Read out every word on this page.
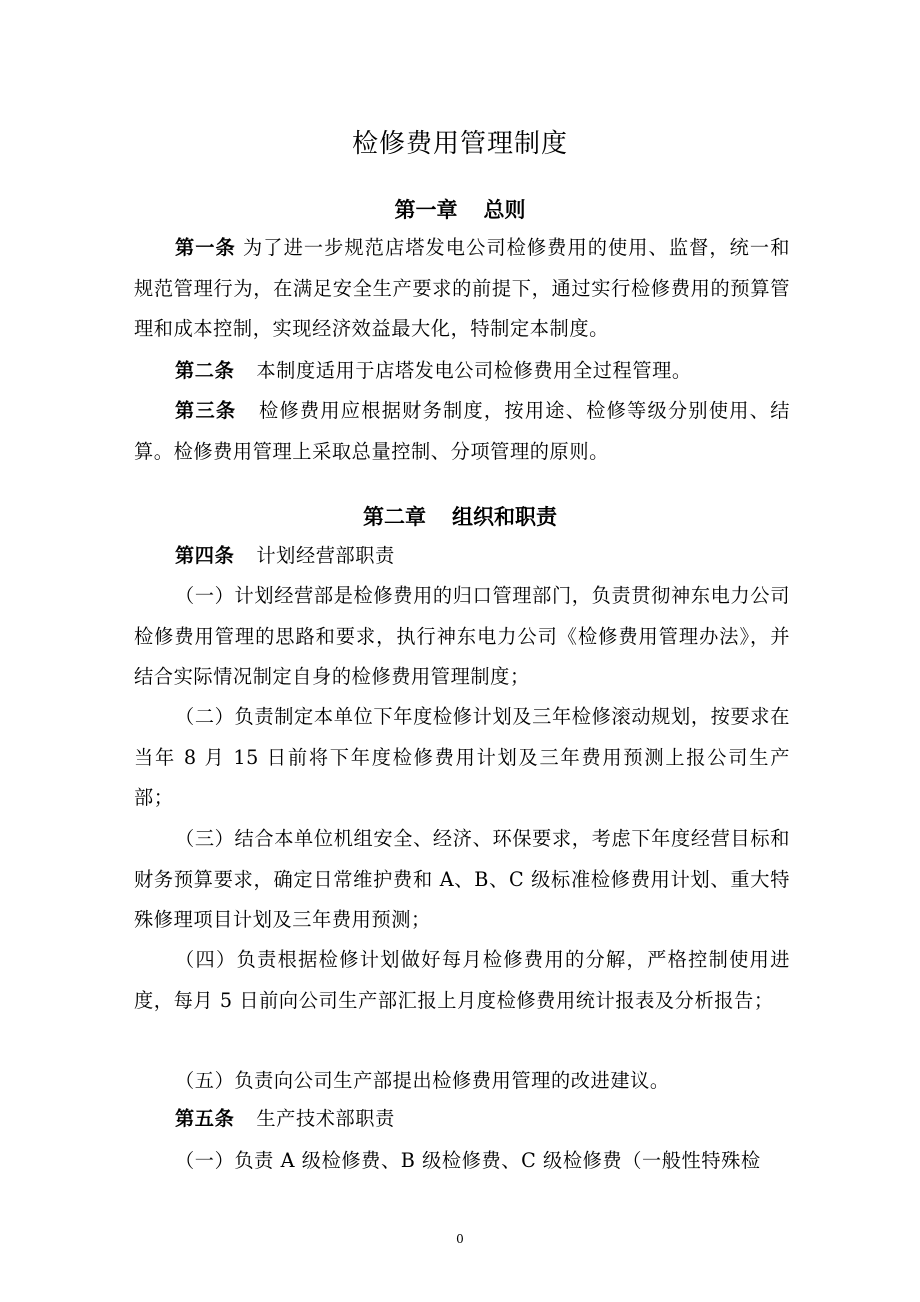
检修费用管理制度
第一章 总则
第一条 为了进一步规范店塔发电公司检修费用的使用、监督，统一和规范管理行为，在满足安全生产要求的前提下，通过实行检修费用的预算管理和成本控制，实现经济效益最大化，特制定本制度。
第二条 本制度适用于店塔发电公司检修费用全过程管理。
第三条 检修费用应根据财务制度，按用途、检修等级分别使用、结算。检修费用管理上采取总量控制、分项管理的原则。
第二章 组织和职责
第四条 计划经营部职责
（一）计划经营部是检修费用的归口管理部门，负责贯彻神东电力公司检修费用管理的思路和要求，执行神东电力公司《检修费用管理办法》，并结合实际情况制定自身的检修费用管理制度；
（二）负责制定本单位下年度检修计划及三年检修滚动规划，按要求在当年 8 月 15 日前将下年度检修费用计划及三年费用预测上报公司生产部；
（三）结合本单位机组安全、经济、环保要求，考虑下年度经营目标和财务预算要求，确定日常维护费和 A、B、C 级标准检修费用计划、重大特殊修理项目计划及三年费用预测；
（四）负责根据检修计划做好每月检修费用的分解，严格控制使用进度，每月 5 日前向公司生产部汇报上月度检修费用统计报表及分析报告；
（五）负责向公司生产部提出检修费用管理的改进建议。
第五条 生产技术部职责
（一）负责 A 级检修费、B 级检修费、C 级检修费（一般性特殊检
0
